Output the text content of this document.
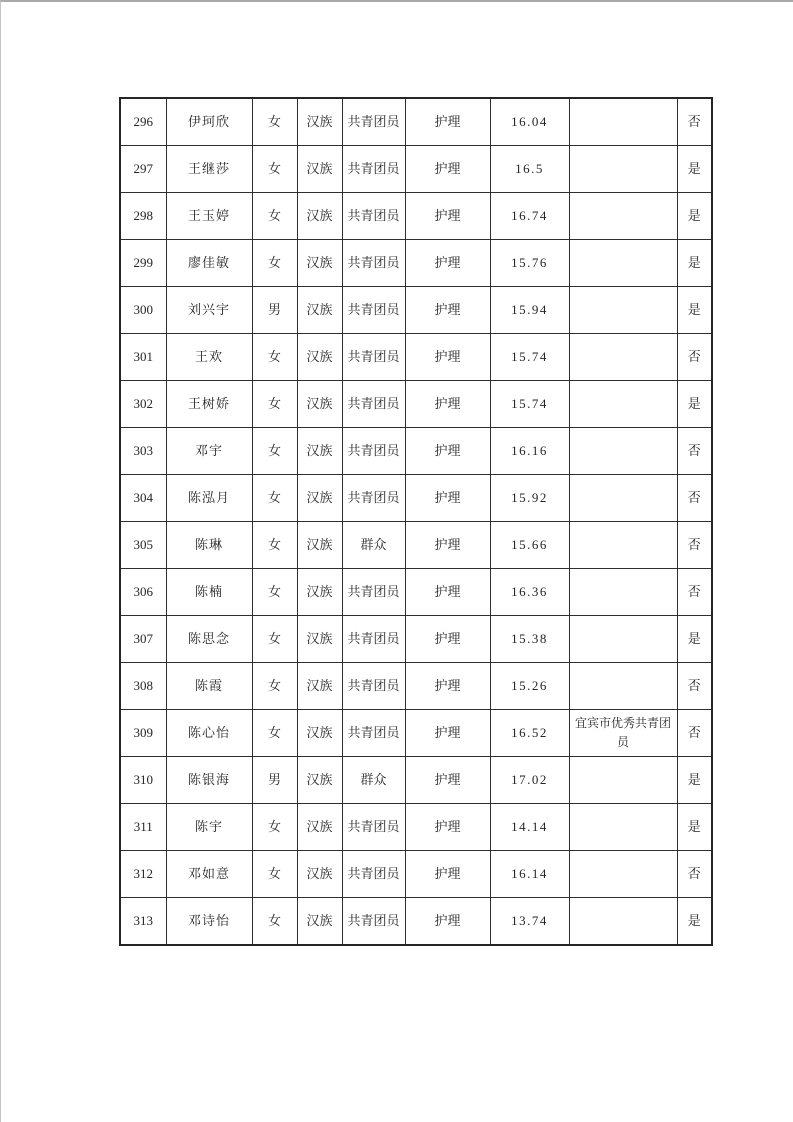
296	伊珂欣	女	汉族	共青团员	护理	16.04		否
297	王继莎	女	汉族	共青团员	护理	16.5		是
298	王玉婷	女	汉族	共青团员	护理	16.74		是
299	廖佳敏	女	汉族	共青团员	护理	15.76		是
300	刘兴宇	男	汉族	共青团员	护理	15.94		是
301	王欢	女	汉族	共青团员	护理	15.74		否
302	王树娇	女	汉族	共青团员	护理	15.74		是
303	邓宇	女	汉族	共青团员	护理	16.16		否
304	陈泓月	女	汉族	共青团员	护理	15.92		否
305	陈琳	女	汉族	群众	护理	15.66		否
306	陈楠	女	汉族	共青团员	护理	16.36		否
307	陈思念	女	汉族	共青团员	护理	15.38		是
308	陈霞	女	汉族	共青团员	护理	15.26		否
309	陈心怡	女	汉族	共青团员	护理	16.52	宜宾市优秀共青团员	否
310	陈银海	男	汉族	群众	护理	17.02		是
311	陈宇	女	汉族	共青团员	护理	14.14		是
312	邓如意	女	汉族	共青团员	护理	16.14		否
313	邓诗怡	女	汉族	共青团员	护理	13.74		是
